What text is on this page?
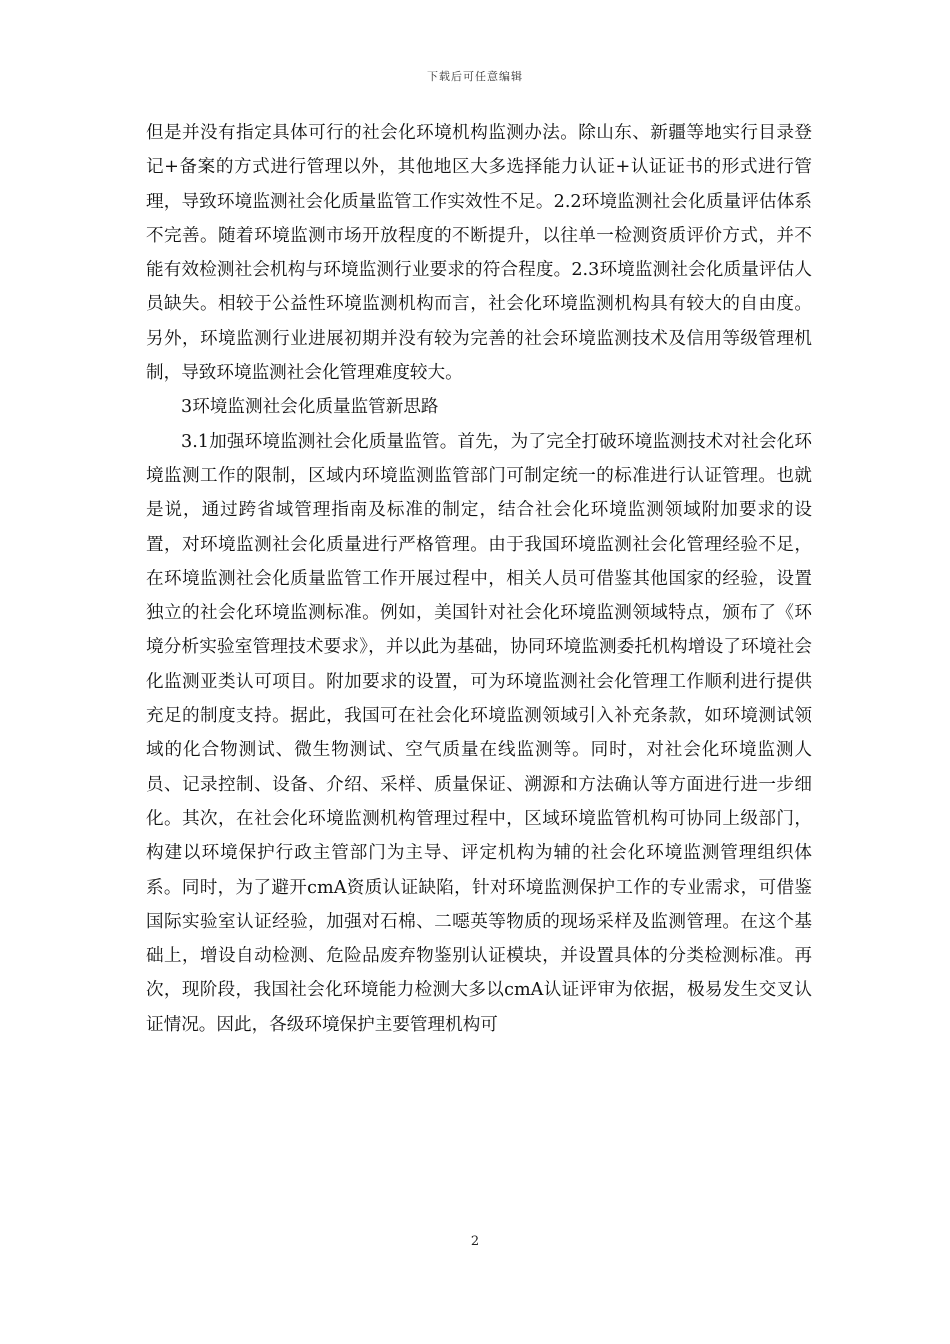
下载后可任意编辑

但是并没有指定具体可行的社会化环境机构监测办法。除山东、新疆等地实行目录登记+备案的方式进行管理以外，其他地区大多选择能力认证+认证证书的形式进行管理，导致环境监测社会化质量监管工作实效性不足。2.2环境监测社会化质量评估体系不完善。随着环境监测市场开放程度的不断提升，以往单一检测资质评价方式，并不能有效检测社会机构与环境监测行业要求的符合程度。2.3环境监测社会化质量评估人员缺失。相较于公益性环境监测机构而言，社会化环境监测机构具有较大的自由度。另外，环境监测行业进展初期并没有较为完善的社会环境监测技术及信用等级管理机制，导致环境监测社会化管理难度较大。

3环境监测社会化质量监管新思路

3.1加强环境监测社会化质量监管。首先，为了完全打破环境监测技术对社会化环境监测工作的限制，区域内环境监测监管部门可制定统一的标准进行认证管理。也就是说，通过跨省域管理指南及标准的制定，结合社会化环境监测领域附加要求的设置，对环境监测社会化质量进行严格管理。由于我国环境监测社会化管理经验不足，在环境监测社会化质量监管工作开展过程中，相关人员可借鉴其他国家的经验，设置独立的社会化环境监测标准。例如，美国针对社会化环境监测领域特点，颁布了《环境分析实验室管理技术要求》，并以此为基础，协同环境监测委托机构增设了环境社会化监测亚类认可项目。附加要求的设置，可为环境监测社会化管理工作顺利进行提供充足的制度支持。据此，我国可在社会化环境监测领域引入补充条款，如环境测试领域的化合物测试、微生物测试、空气质量在线监测等。同时，对社会化环境监测人员、记录控制、设备、介绍、采样、质量保证、溯源和方法确认等方面进行进一步细化。其次，在社会化环境监测机构管理过程中，区域环境监管机构可协同上级部门，构建以环境保护行政主管部门为主导、评定机构为辅的社会化环境监测管理组织体系。同时，为了避开cmA资质认证缺陷，针对环境监测保护工作的专业需求，可借鉴国际实验室认证经验，加强对石棉、二噁英等物质的现场采样及监测管理。在这个基础上，增设自动检测、危险品废弃物鉴别认证模块，并设置具体的分类检测标准。再次，现阶段，我国社会化环境能力检测大多以cmA认证评审为依据，极易发生交叉认证情况。因此，各级环境保护主要管理机构可

2
